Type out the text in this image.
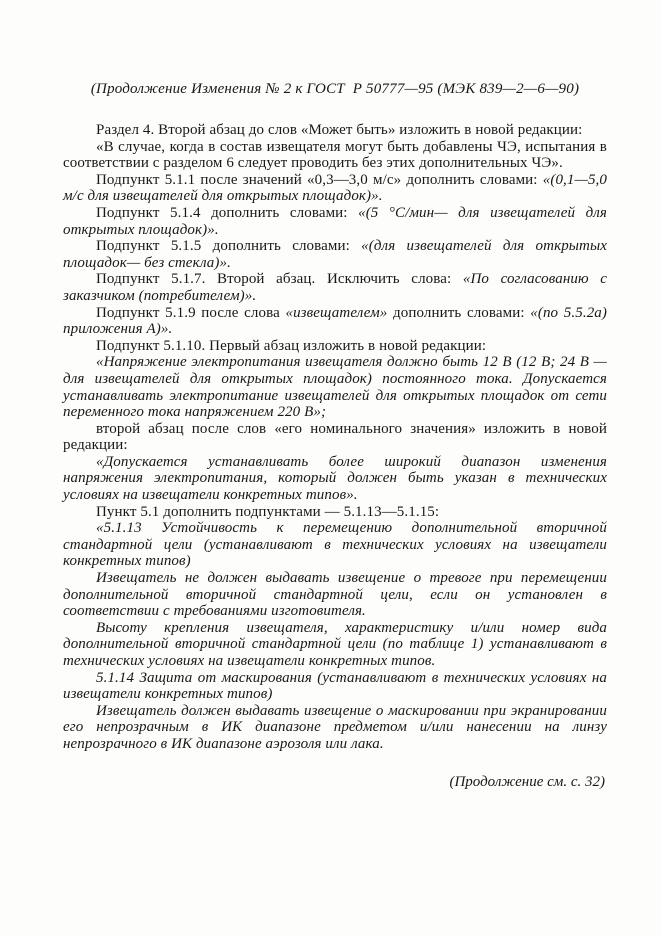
(Продолжение Изменения № 2 к ГОСТ  Р 50777—95 (МЭК 839—2—6—90)

Раздел 4. Второй абзац до слов «Может быть» изложить в новой редакции:

«В случае, когда в состав извещателя могут быть добавлены ЧЭ, испытания в соответствии с разделом 6 следует проводить без этих дополнительных ЧЭ».

Подпункт 5.1.1 после значений «0,3—3,0 м/с» дополнить словами: «(0,1—5,0 м/с для извещателей для открытых площадок)».

Подпункт 5.1.4 дополнить словами: «(5 °С/мин— для извещателей для открытых площадок)».

Подпункт 5.1.5 дополнить словами: «(для извещателей для открытых площадок— без стекла)».

Подпункт 5.1.7. Второй абзац. Исключить слова: «По согласованию с заказчиком (потребителем)».

Подпункт 5.1.9 после слова «извещателем» дополнить словами: «(по 5.5.2а) приложения А)».

Подпункт 5.1.10. Первый абзац изложить в новой редакции:

«Напряжение электропитания извещателя должно быть 12 В (12 В; 24 В — для извещателей для открытых площадок) постоянного тока. Допускается устанавливать электропитание извещателей для открытых площадок от сети переменного тока напряжением 220 В»;

второй абзац после слов «его номинального значения» изложить в новой редакции:

«Допускается устанавливать более широкий диапазон изменения напряжения электропитания, который должен быть указан в технических условиях на извещатели конкретных типов».

Пункт 5.1 дополнить подпунктами — 5.1.13—5.1.15:

«5.1.13 Устойчивость к перемещению дополнительной вторичной стандартной цели (устанавливают в технических условиях на извещатели конкретных типов)

Извещатель не должен выдавать извещение о тревоге при перемещении дополнительной вторичной стандартной цели, если он установлен в соответствии с требованиями изготовителя.

Высоту крепления извещателя, характеристику и/или номер вида дополнительной вторичной стандартной цели (по таблице 1) устанавливают в технических условиях на извещатели конкретных типов.

5.1.14 Защита от маскирования (устанавливают в технических условиях на извещатели конкретных типов)

Извещатель должен выдавать извещение о маскировании при экранировании его непрозрачным в ИК диапазоне предметом и/или нанесении на линзу непрозрачного в ИК диапазоне аэрозоля или лака.

(Продолжение см. с. 32)
